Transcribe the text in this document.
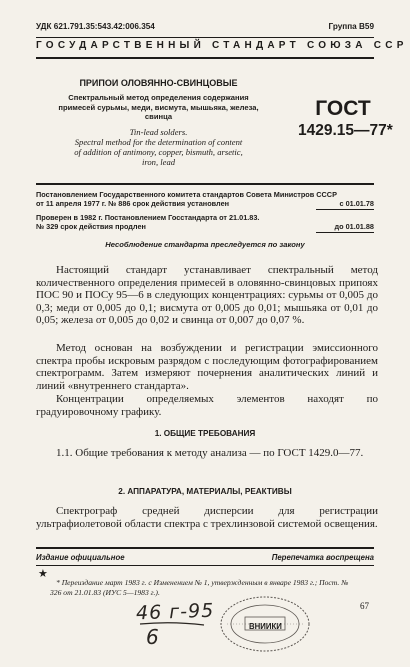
УДК 621.791.35:543.42:006.354	Группа В59
ГОСУДАРСТВЕННЫЙ СТАНДАРТ СОЮЗА ССР
ПРИПОИ ОЛОВЯННО-СВИНЦОВЫЕ
Спектральный метод определения содержания
примесей сурьмы, меди, висмута, мышьяка, железа,
свинца
Tin-lead solders.
Spectral method for the determination of content
of addition of antimony, copper, bismuth, arsetic,
iron, lead
ГОСТ
1429.15—77*
Постановлением Государственного комитета стандартов Совета Министров СССР
от 11 апреля 1977 г. № 886 срок действия установлен	с 01.01.78
Проверен в 1982 г. Постановлением Госстандарта от 21.01.83.
№ 329 срок действия продлен	до 01.01.88
Несоблюдение стандарта преследуется по закону

Настоящий стандарт устанавливает спектральный метод количественного определения примесей в оловянно-свинцовых припоях ПОС 90 и ПОСу 95—6 в следующих концентрациях: сурьмы от 0,005 до 0,3; меди от 0,005 до 0,1; висмута от 0,005 до 0,01; мышьяка от 0,01 до 0,05; железа от 0,005 до 0,02 и свинца от 0,007 до 0,07 %.

Метод основан на возбуждении и регистрации эмиссионного спектра пробы искровым разрядом с последующим фотографированием спектрограмм. Затем измеряют почернения аналитических линий и линий «внутреннего стандарта».

Концентрации определяемых элементов находят по градуировочному графику.

1. ОБЩИЕ ТРЕБОВАНИЯ

1.1. Общие требования к методу анализа — по ГОСТ 1429.0—77.

2. АППАРАТУРА, МАТЕРИАЛЫ, РЕАКТИВЫ

Спектрограф средней дисперсии для регистрации ультрафиолетовой области спектра с трехлинзовой системой освещения.

Издание официальное	Перепечатка воспрещена
★
* Переиздание март 1983 г. с Изменением № 1, утвержденным в январе 1983 г.; Пост. № 326 от 21.01.83 (ИУС 5—1983 г.).
67
46 г-95
6	ВНИИКИ
